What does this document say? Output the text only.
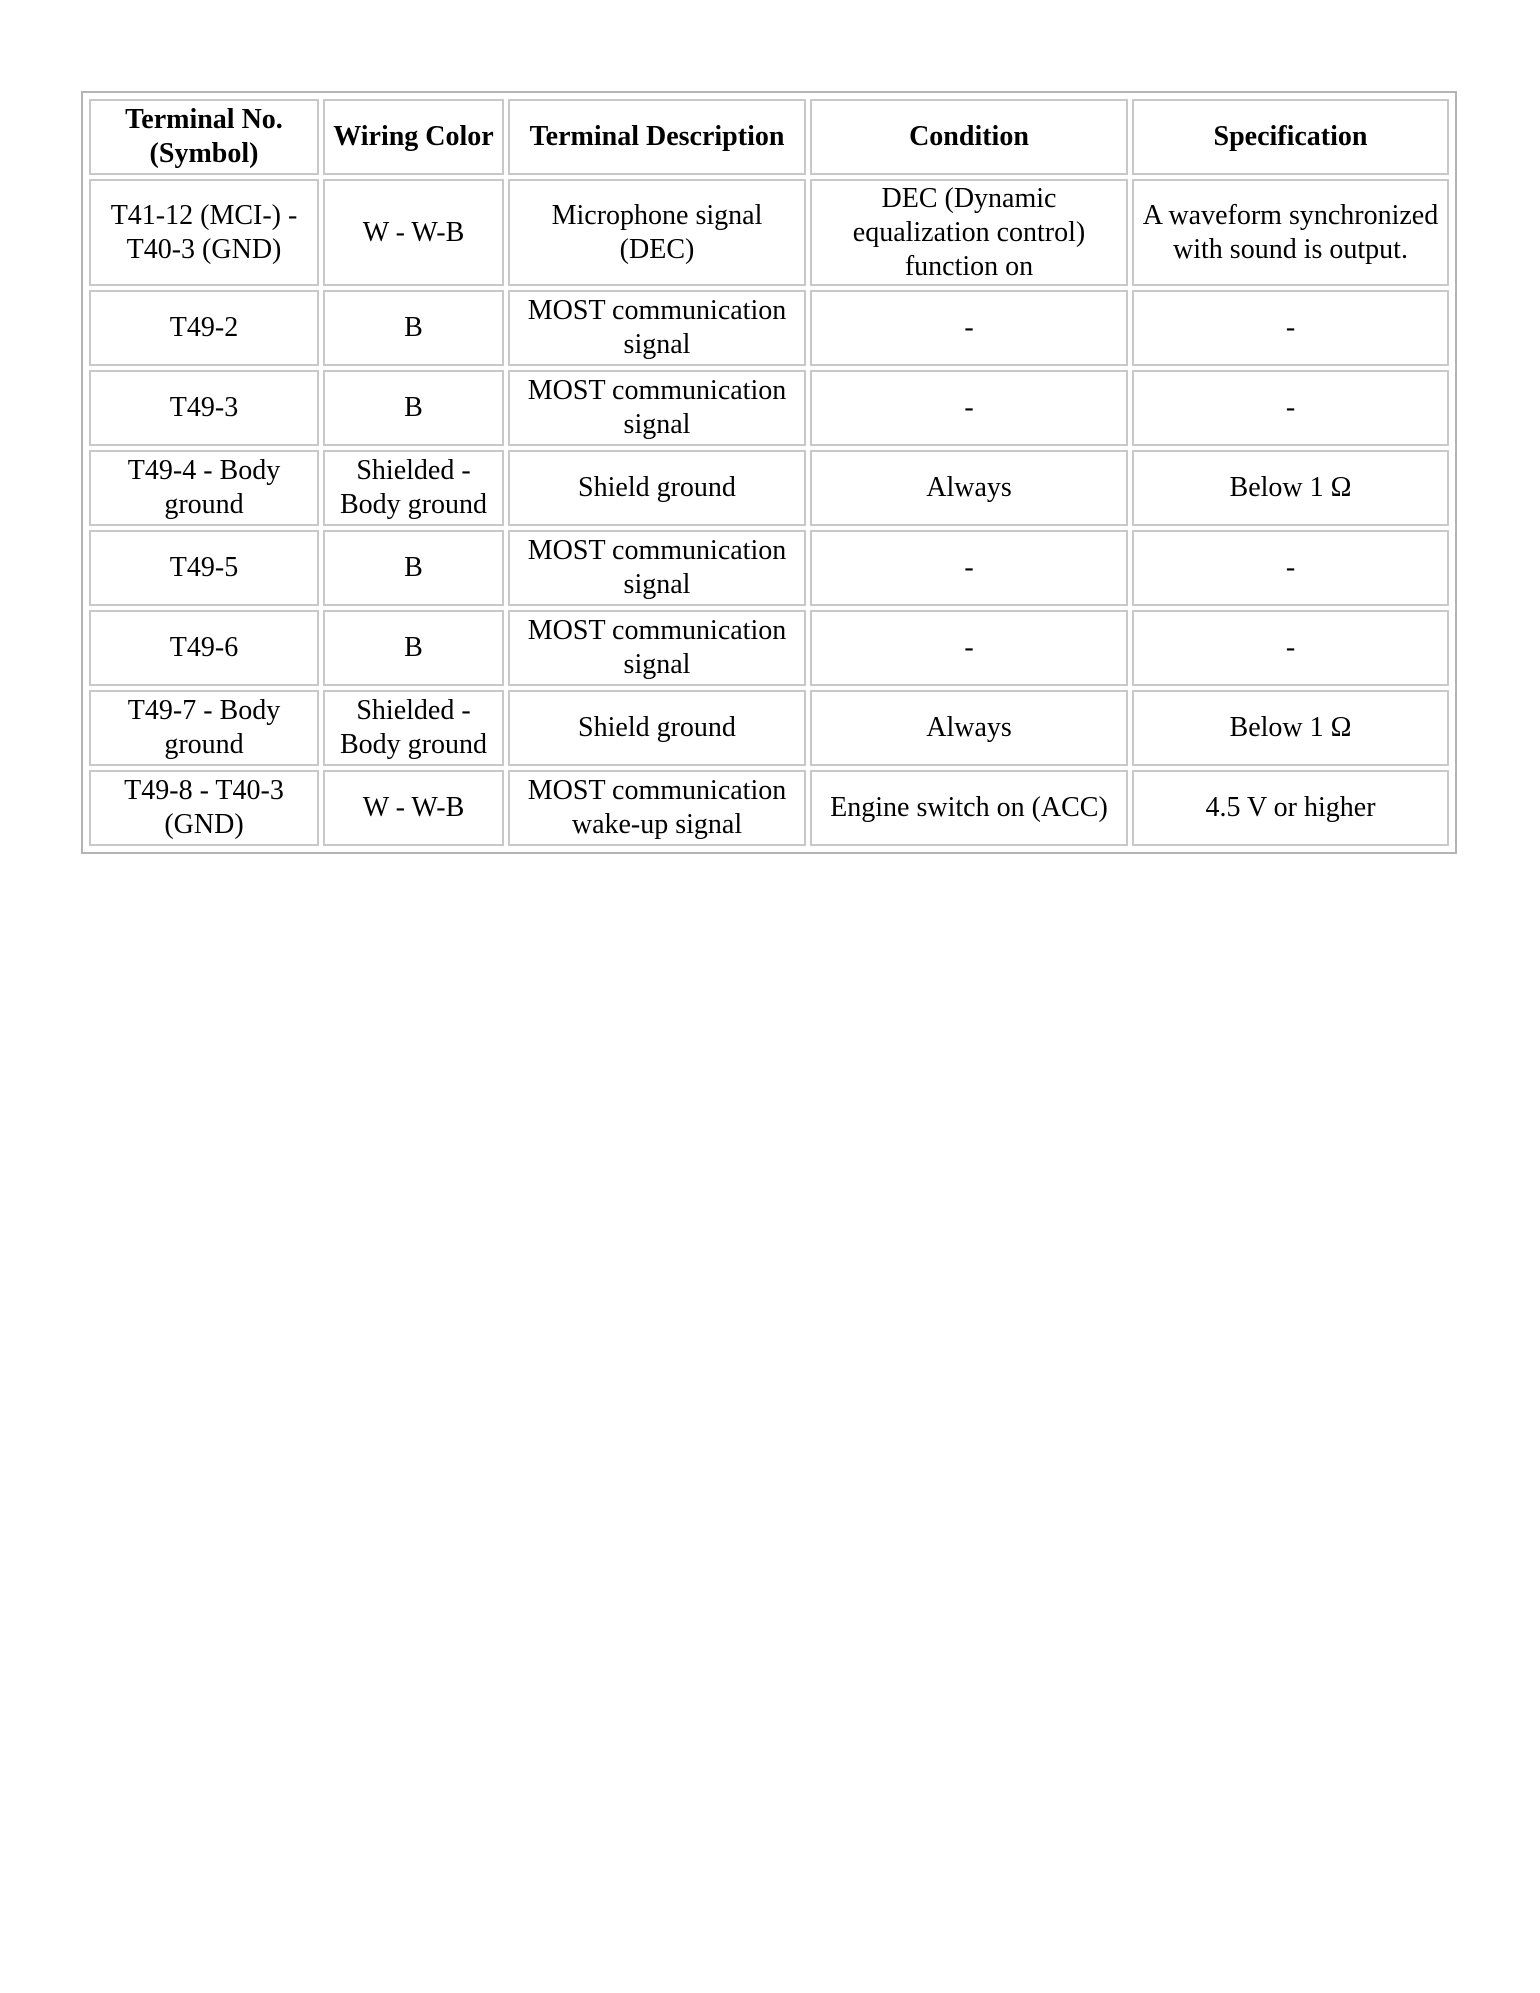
Terminal No. (Symbol)	Wiring Color	Terminal Description	Condition	Specification
T41-12 (MCI-) - T40-3 (GND)	W - W-B	Microphone signal (DEC)	DEC (Dynamic equalization control) function on	A waveform synchronized with sound is output.
T49-2	B	MOST communication signal	-	-
T49-3	B	MOST communication signal	-	-
T49-4 - Body ground	Shielded - Body ground	Shield ground	Always	Below 1 Ω
T49-5	B	MOST communication signal	-	-
T49-6	B	MOST communication signal	-	-
T49-7 - Body ground	Shielded - Body ground	Shield ground	Always	Below 1 Ω
T49-8 - T40-3 (GND)	W - W-B	MOST communication wake-up signal	Engine switch on (ACC)	4.5 V or higher
